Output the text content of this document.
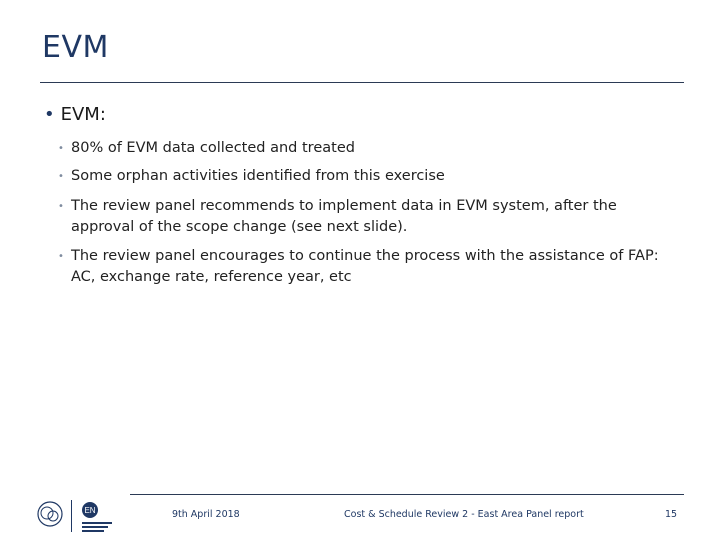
EVM
• EVM:
• 80% of EVM data collected and treated
• Some orphan activities identified from this exercise
• The review panel recommends to implement data in EVM system, after the approval of the scope change (see next slide).
• The review panel encourages to continue the process with the assistance of FAP: AC, exchange rate, reference year, etc
EN	9th April 2018	Cost & Schedule Review 2 - East Area Panel report	15
